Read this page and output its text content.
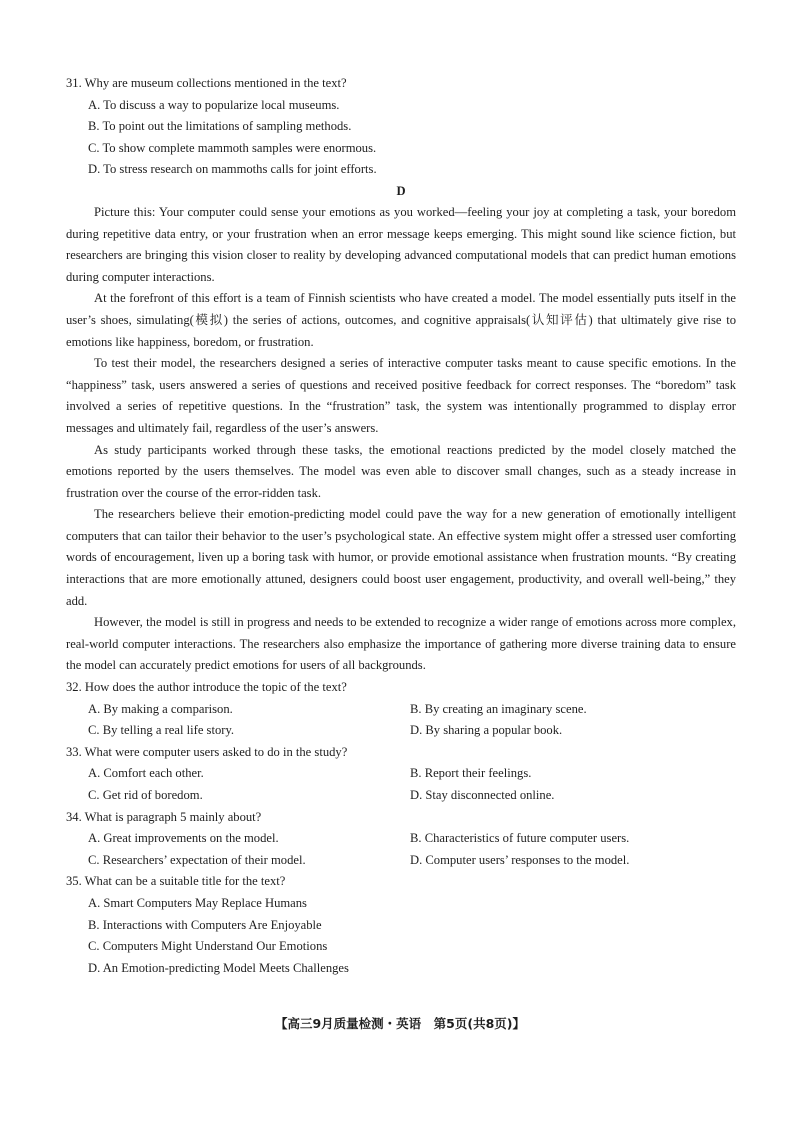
31. Why are museum collections mentioned in the text?

A. To discuss a way to popularize local museums.

B. To point out the limitations of sampling methods.

C. To show complete mammoth samples were enormous.

D. To stress research on mammoths calls for joint efforts.

D

Picture this: Your computer could sense your emotions as you worked—feeling your joy at completing a task, your boredom during repetitive data entry, or your frustration when an error message keeps emerging. This might sound like science fiction, but researchers are bringing this vision closer to reality by developing advanced computational models that can predict human emotions during computer interactions.

At the forefront of this effort is a team of Finnish scientists who have created a model. The model essentially puts itself in the user’s shoes, simulating(模拟) the series of actions, outcomes, and cognitive appraisals(认知评估) that ultimately give rise to emotions like happiness, boredom, or frustration.

To test their model, the researchers designed a series of interactive computer tasks meant to cause specific emotions. In the “happiness” task, users answered a series of questions and received positive feedback for correct responses. The “boredom” task involved a series of repetitive questions. In the “frustration” task, the system was intentionally programmed to display error messages and ultimately fail, regardless of the user’s answers.

As study participants worked through these tasks, the emotional reactions predicted by the model closely matched the emotions reported by the users themselves. The model was even able to discover small changes, such as a steady increase in frustration over the course of the error-ridden task.

The researchers believe their emotion-predicting model could pave the way for a new generation of emotionally intelligent computers that can tailor their behavior to the user’s psychological state. An effective system might offer a stressed user comforting words of encouragement, liven up a boring task with humor, or provide emotional assistance when frustration mounts. “By creating interactions that are more emotionally attuned, designers could boost user engagement, productivity, and overall well-being,” they add.

However, the model is still in progress and needs to be extended to recognize a wider range of emotions across more complex, real-world computer interactions. The researchers also emphasize the importance of gathering more diverse training data to ensure the model can accurately predict emotions for users of all backgrounds.

32. How does the author introduce the topic of the text?

A. By making a comparison.	B. By creating an imaginary scene.

C. By telling a real life story.	D. By sharing a popular book.

33. What were computer users asked to do in the study?

A. Comfort each other.	B. Report their feelings.

C. Get rid of boredom.	D. Stay disconnected online.

34. What is paragraph 5 mainly about?

A. Great improvements on the model.	B. Characteristics of future computer users.

C. Researchers’ expectation of their model.	D. Computer users’ responses to the model.

35. What can be a suitable title for the text?

A. Smart Computers May Replace Humans

B. Interactions with Computers Are Enjoyable

C. Computers Might Understand Our Emotions

D. An Emotion-predicting Model Meets Challenges

【高三9月质量检测・英语　第5页(共8页)】
